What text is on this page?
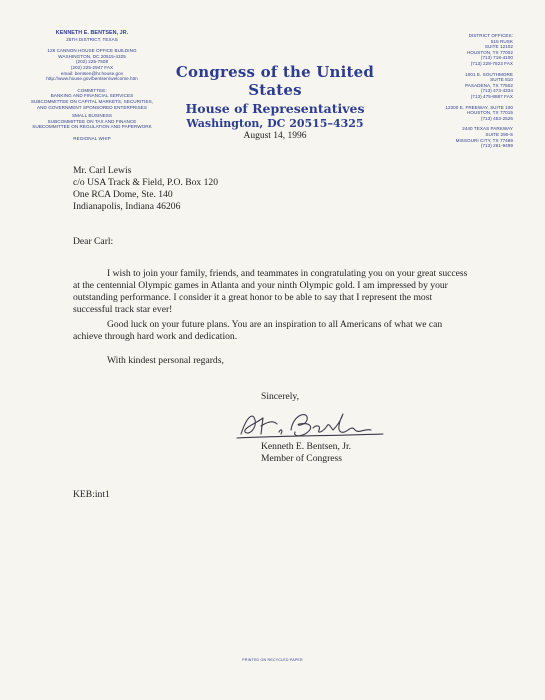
KENNETH E. BENTSEN, JR.
25TH DISTRICT, TEXAS
128 CANNON HOUSE OFFICE BUILDING
WASHINGTON, DC 20515-4325
(202) 225-7508
(202) 225-2947 FAX
email: bentsen@hr.house.gov
http://www.house.gov/bentsen/welcome.htm
COMMITTEE:
BANKING AND FINANCIAL SERVICES
SUBCOMMITTEE ON CAPITAL MARKETS, SECURITIES,
AND GOVERNMENT SPONSORED ENTERPRISES
SMALL BUSINESS
SUBCOMMITTEE ON TAX AND FINANCE
SUBCOMMITTEE ON REGULATION AND PAPERWORK
REGIONAL WHIP
Congress of the United States
House of Representatives
Washington, DC 20515–4325
August 14, 1996
DISTRICT OFFICES:
515 RUSK
SUITE 12102
HOUSTON, TX 77002
(713) 718-4100
(713) 228-7823 FAX
1001 E. SOUTHMORE
SUITE 810
PASADENA, TX 77502
(713) 473-4334
(713) 475-8887 FAX
12300 E. FREEWAY, SUITE 100
HOUSTON, TX 77015
(713) 453-2525
2440 TEXAS PARKWAY
SUITE 290-S
MISSOURI CITY, TX 77489
(713) 261-9499
Mr. Carl Lewis
c/o USA Track & Field, P.O. Box 120
One RCA Dome, Ste. 140
Indianapolis, Indiana 46206
Dear Carl:

I wish to join your family, friends, and teammates in congratulating you on your great success at the centennial Olympic games in Atlanta and your ninth Olympic gold. I am impressed by your outstanding performance. I consider it a great honor to be able to say that I represent the most successful track star ever!

Good luck on your future plans. You are an inspiration to all Americans of what we can achieve through hard work and dedication.

With kindest personal regards,
Sincerely,
Kenneth E. Bentsen, Jr.
Member of Congress
KEB:int1
PRINTED ON RECYCLED PAPER
